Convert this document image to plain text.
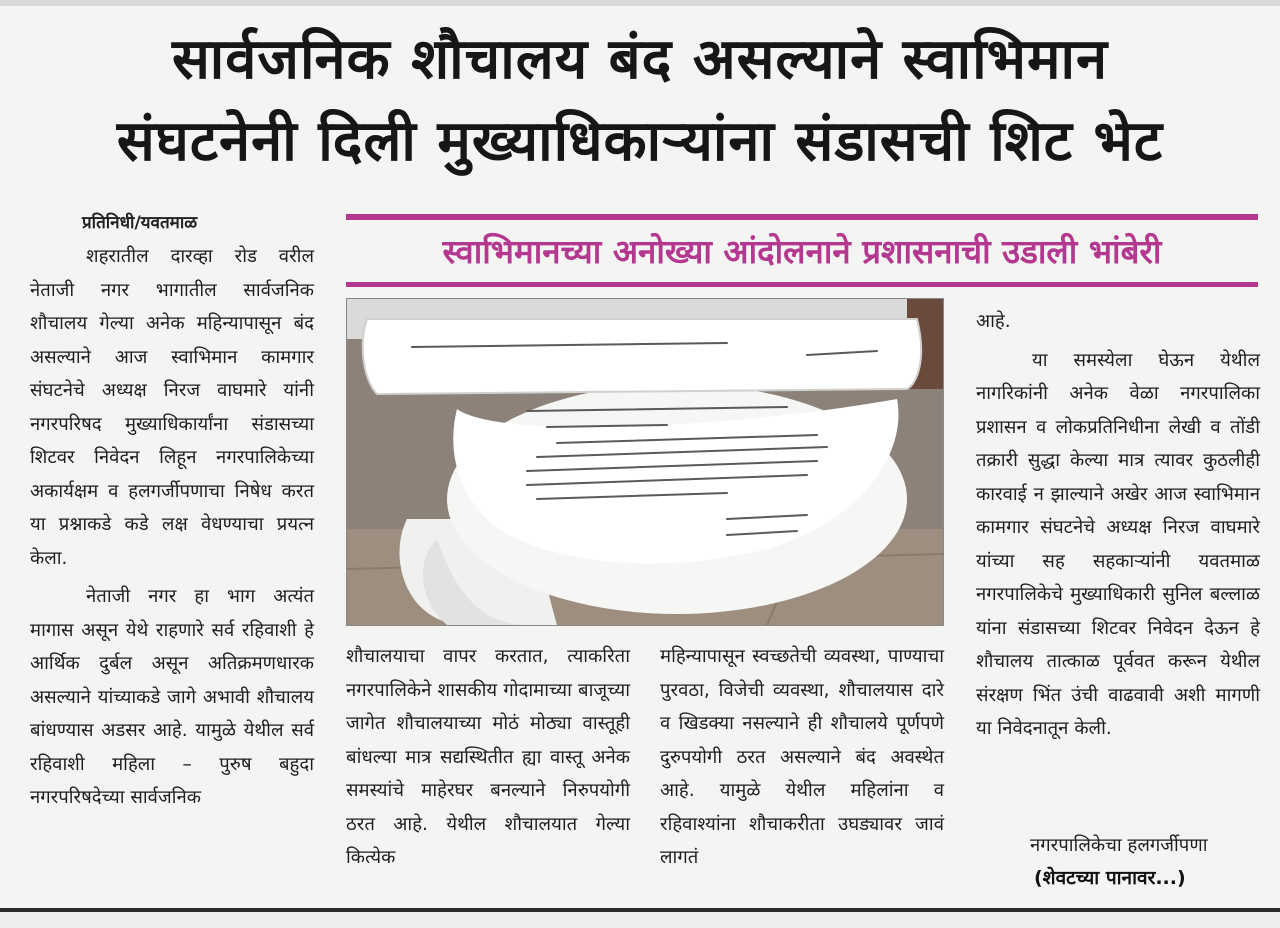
सार्वजनिक शौचालय बंद असल्याने स्वाभिमान
संघटनेनी दिली मुख्याधिकाऱ्यांना संडासची शिट भेट
प्रतिनिधी/यवतमाळ

शहरातील दारव्हा रोड वरील नेताजी नगर भागातील सार्वजनिक शौचालय गेल्या अनेक महिन्यापासून बंद असल्याने आज स्वाभिमान कामगार संघटनेचे अध्यक्ष निरज वाघमारे यांनी नगरपरिषद मुख्याधिकार्यांना संडासच्या शिटवर निवेदन लिहून नगरपालिकेच्या अकार्यक्षम व हलगर्जीपणाचा निषेध करत या प्रश्नाकडे कडे लक्ष वेधण्याचा प्रयत्न केला.

नेताजी नगर हा भाग अत्यंत मागास असून येथे राहणारे सर्व रहिवाशी हे आर्थिक दुर्बल असून अतिक्रमणधारक असल्याने यांच्याकडे जागे अभावी शौचालय बांधण्यास अडसर आहे. यामुळे येथील सर्व रहिवाशी महिला – पुरुष बहुदा नगरपरिषदेच्या सार्वजनिक

स्वाभिमानच्या अनोख्या आंदोलनाने प्रशासनाची उडाली भांबेरी
शौचालयाचा वापर करतात, त्याकरिता नगरपालिकेने शासकीय गोदामाच्या बाजूच्या जागेत शौचालयाच्या मोठं मोठ्या वास्तूही बांधल्या मात्र सद्यस्थितीत ह्या वास्तू अनेक समस्यांचे माहेरघर बनल्याने निरुपयोगी ठरत आहे. येथील शौचालयात गेल्या कित्येक
महिन्यापासून स्वच्छतेची व्यवस्था, पाण्याचा पुरवठा, विजेची व्यवस्था, शौचालयास दारे व खिडक्या नसल्याने ही शौचालये पूर्णपणे दुरुपयोगी ठरत असल्याने बंद अवस्थेत आहे. यामुळे येथील महिलांना व रहिवाश्यांना शौचाकरीता उघड्यावर जावं लागतं

आहे.

या समस्येला घेऊन येथील नागरिकांनी अनेक वेळा नगरपालिका प्रशासन व लोकप्रतिनिधीना लेखी व तोंडी तक्रारी सुद्धा केल्या मात्र त्यावर कुठलीही कारवाई न झाल्याने अखेर आज स्वाभिमान कामगार संघटनेचे अध्यक्ष निरज वाघमारे यांच्या सह सहकाऱ्यांनी यवतमाळ नगरपालिकेचे मुख्याधिकारी सुनिल बल्लाळ यांना संडासच्या शिटवर निवेदन देऊन हे शौचालय तात्काळ पूर्ववत करून येथील संरक्षण भिंत उंची वाढवावी अशी मागणी या निवेदनातून केली.

नगरपालिकेचा हलगर्जीपणा
(शेवटच्या पानावर...)
